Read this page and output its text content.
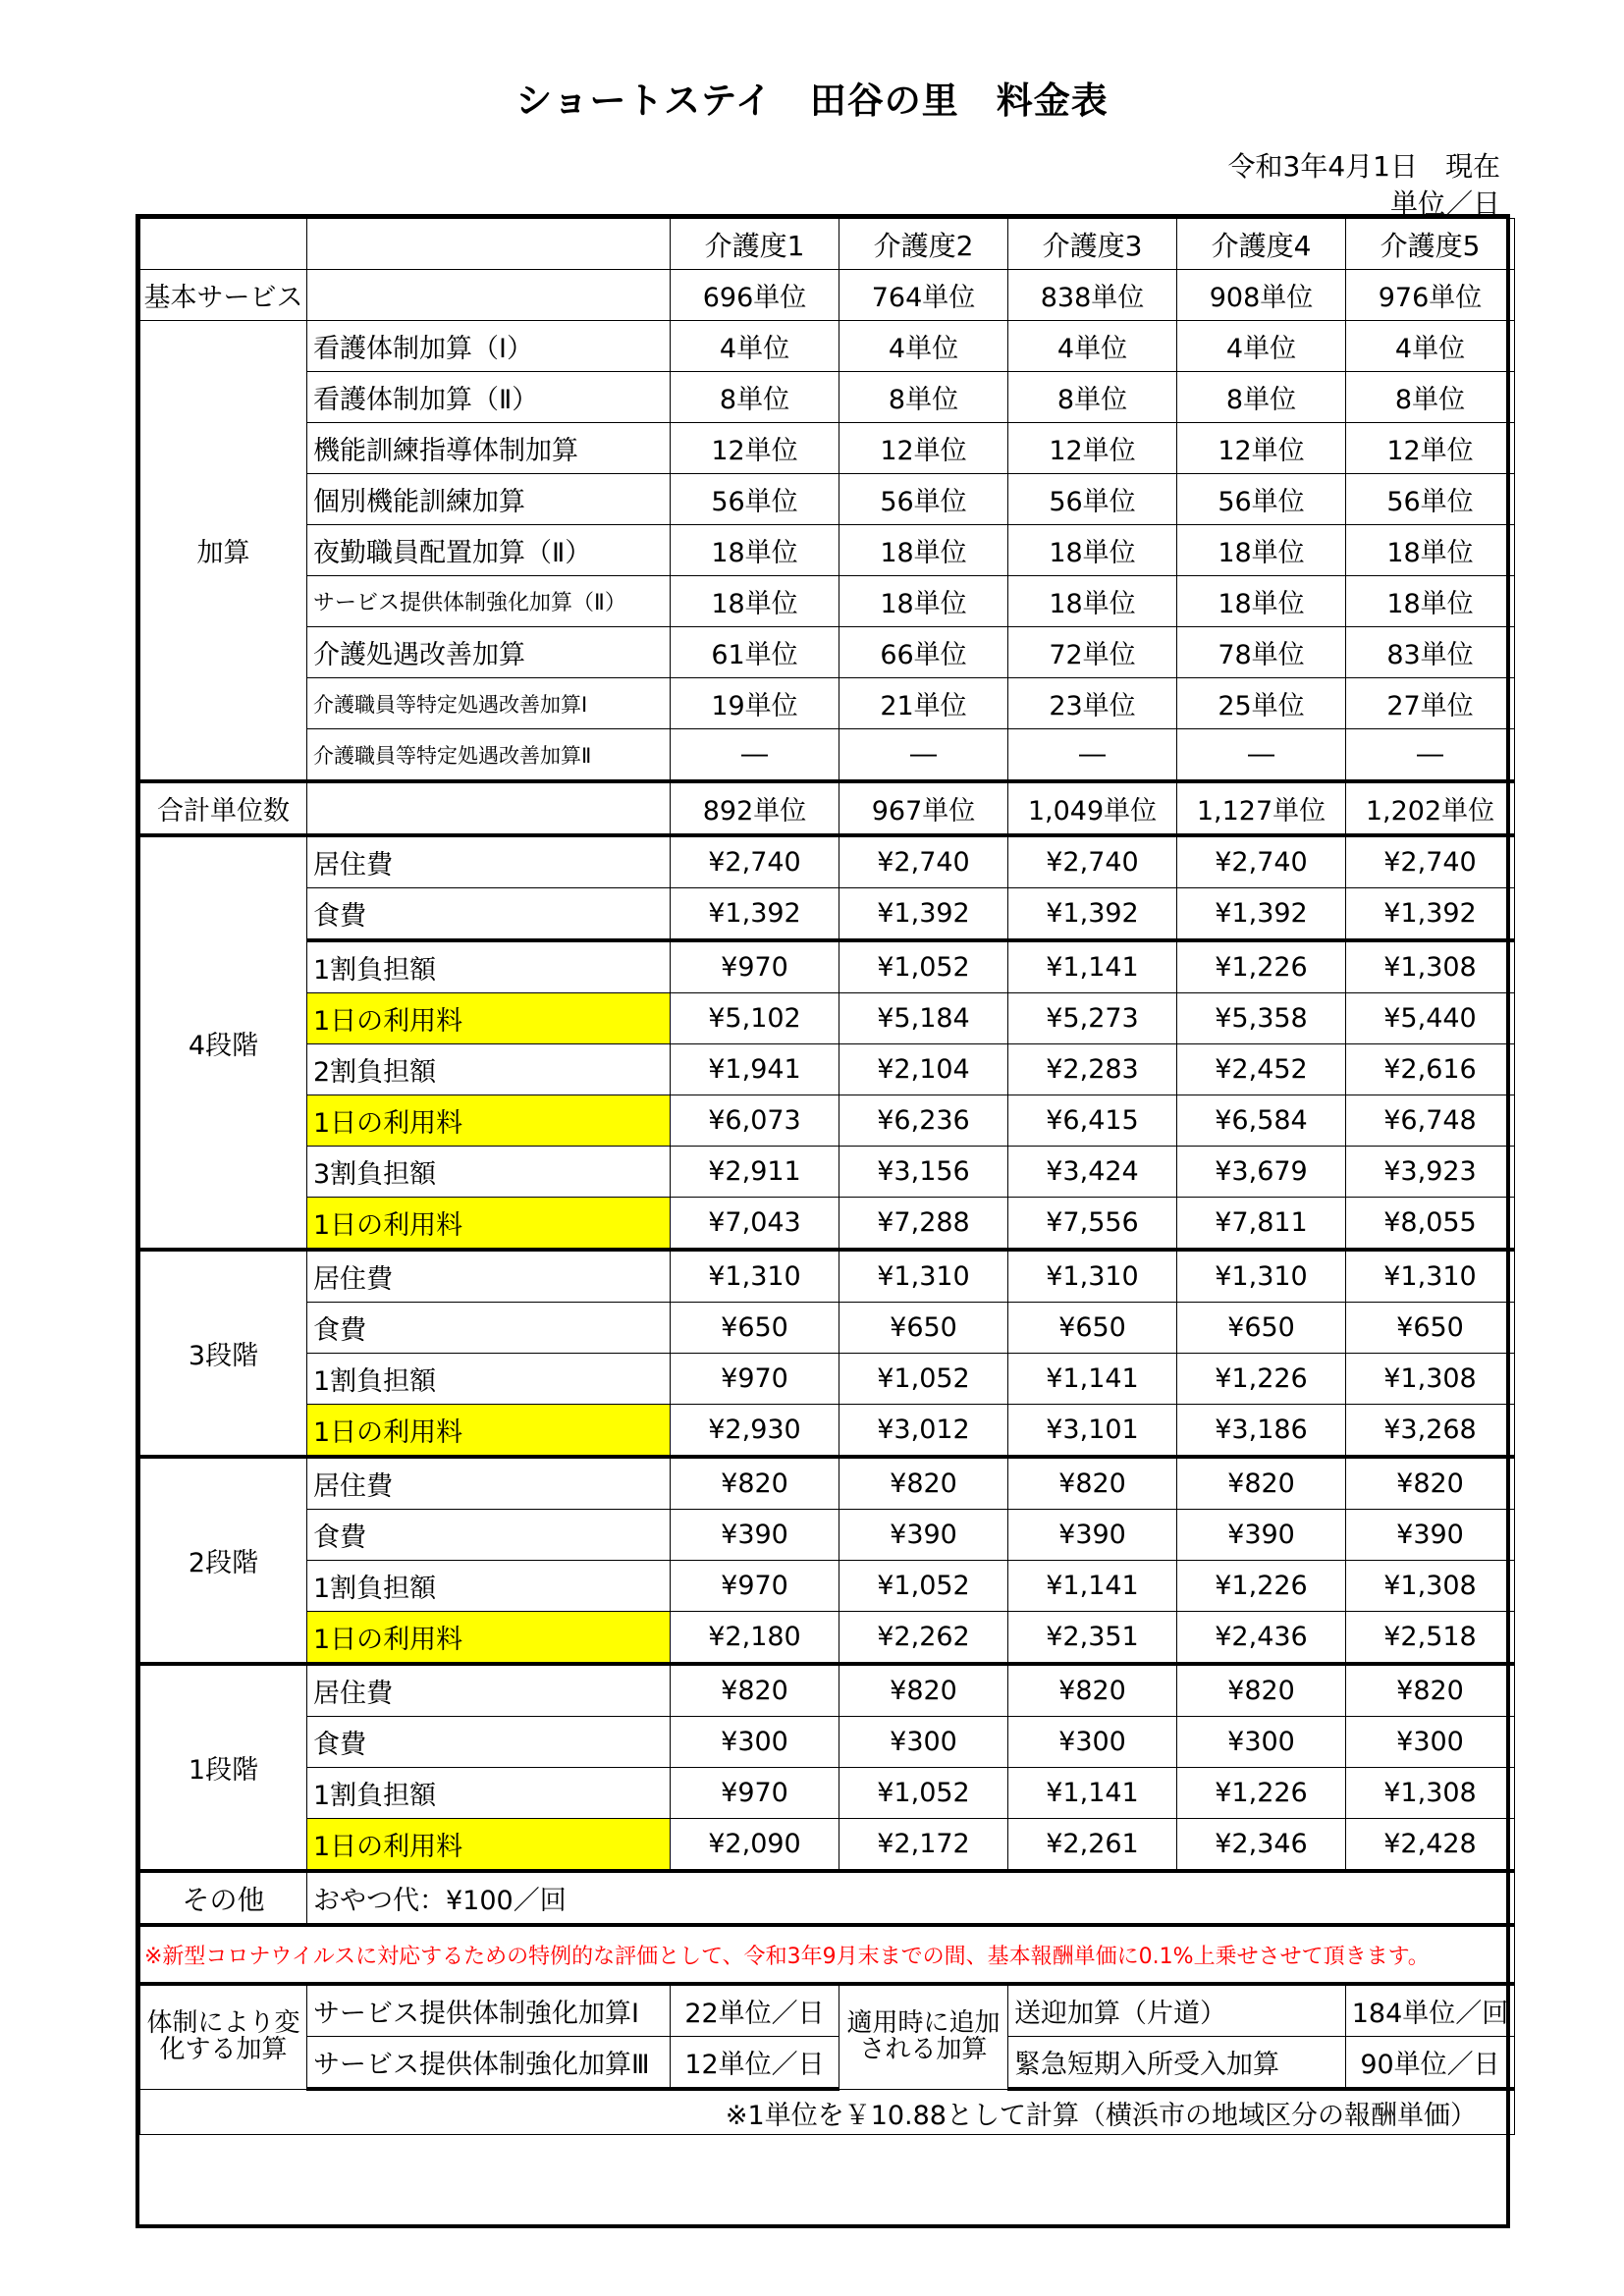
ショートステイ　田谷の里　料金表
令和3年4月1日　現在
単位／日
		介護度1	介護度2	介護度3	介護度4	介護度5
基本サービス		696単位	764単位	838単位	908単位	976単位
加算	看護体制加算（Ⅰ）	4単位	4単位	4単位	4単位	4単位
	看護体制加算（Ⅱ）	8単位	8単位	8単位	8単位	8単位
	機能訓練指導体制加算	12単位	12単位	12単位	12単位	12単位
	個別機能訓練加算	56単位	56単位	56単位	56単位	56単位
	夜勤職員配置加算（Ⅱ）	18単位	18単位	18単位	18単位	18単位
	サービス提供体制強化加算（Ⅱ）	18単位	18単位	18単位	18単位	18単位
	介護処遇改善加算	61単位	66単位	72単位	78単位	83単位
	介護職員等特定処遇改善加算Ⅰ	19単位	21単位	23単位	25単位	27単位
	介護職員等特定処遇改善加算Ⅱ	―	―	―	―	―
合計単位数		892単位	967単位	1,049単位	1,127単位	1,202単位
4段階	居住費	¥2,740	¥2,740	¥2,740	¥2,740	¥2,740
	食費	¥1,392	¥1,392	¥1,392	¥1,392	¥1,392
	1割負担額	¥970	¥1,052	¥1,141	¥1,226	¥1,308
	1日の利用料	¥5,102	¥5,184	¥5,273	¥5,358	¥5,440
	2割負担額	¥1,941	¥2,104	¥2,283	¥2,452	¥2,616
	1日の利用料	¥6,073	¥6,236	¥6,415	¥6,584	¥6,748
	3割負担額	¥2,911	¥3,156	¥3,424	¥3,679	¥3,923
	1日の利用料	¥7,043	¥7,288	¥7,556	¥7,811	¥8,055
3段階	居住費	¥1,310	¥1,310	¥1,310	¥1,310	¥1,310
	食費	¥650	¥650	¥650	¥650	¥650
	1割負担額	¥970	¥1,052	¥1,141	¥1,226	¥1,308
	1日の利用料	¥2,930	¥3,012	¥3,101	¥3,186	¥3,268
2段階	居住費	¥820	¥820	¥820	¥820	¥820
	食費	¥390	¥390	¥390	¥390	¥390
	1割負担額	¥970	¥1,052	¥1,141	¥1,226	¥1,308
	1日の利用料	¥2,180	¥2,262	¥2,351	¥2,436	¥2,518
1段階	居住費	¥820	¥820	¥820	¥820	¥820
	食費	¥300	¥300	¥300	¥300	¥300
	1割負担額	¥970	¥1,052	¥1,141	¥1,226	¥1,308
	1日の利用料	¥2,090	¥2,172	¥2,261	¥2,346	¥2,428
その他	おやつ代：¥100／回					
※新型コロナウイルスに対応するための特例的な評価として、令和3年9月末までの間、基本報酬単価に0.1%上乗せさせて頂きます。						
体制により変化する加算	サービス提供体制強化加算Ⅰ	22単位／日	適用時に追加される加算	送迎加算（片道）		184単位／回
	サービス提供体制強化加算Ⅲ	12単位／日		緊急短期入所受入加算		90単位／日
※1単位を￥10.88として計算（横浜市の地域区分の報酬単価）						
